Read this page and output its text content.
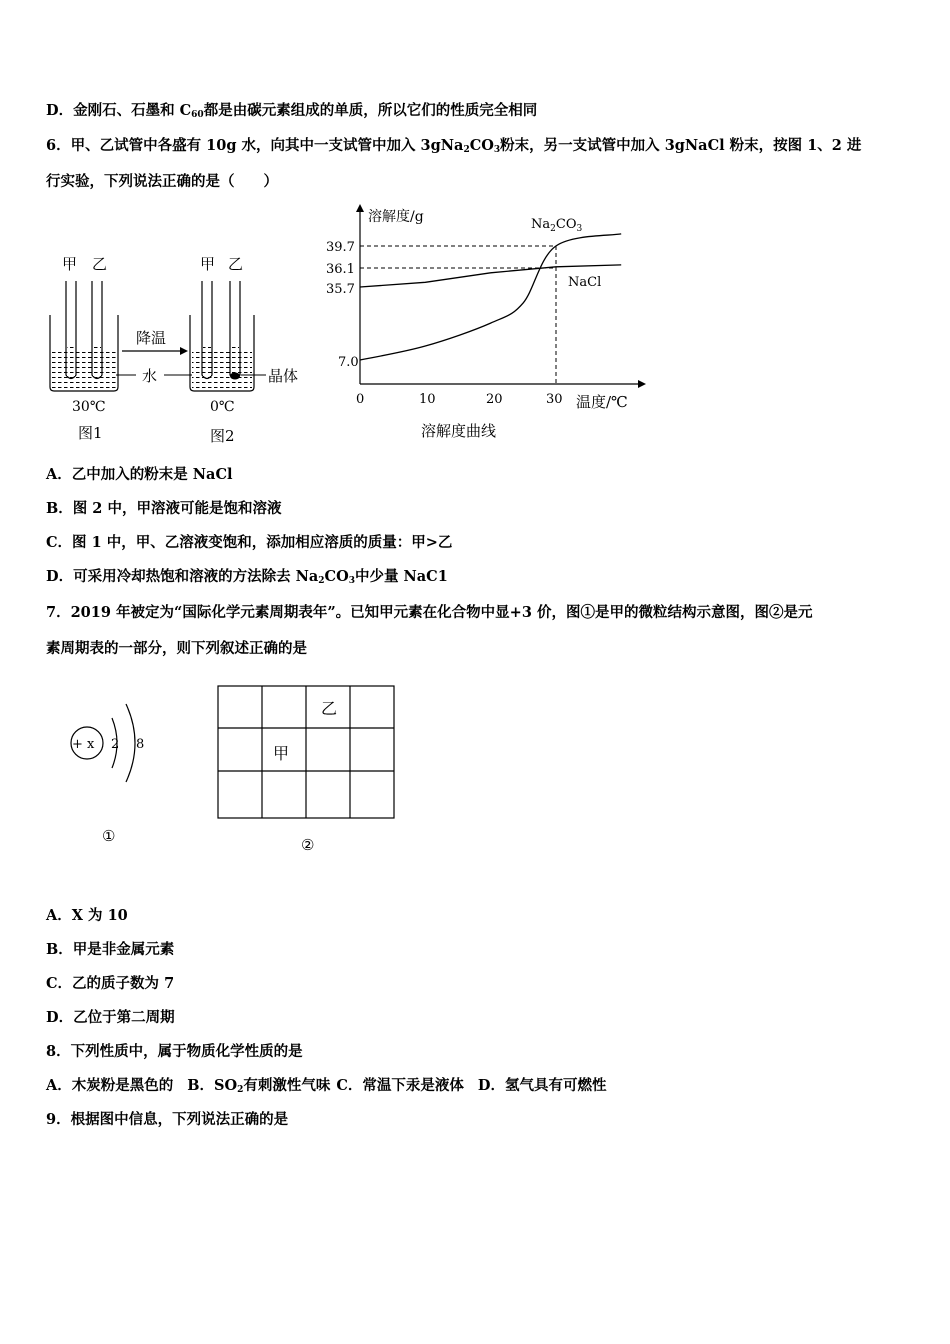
D．金刚石、石墨和 $C_{60}$都是由碳元素组成的单质，所以它们的性质完全相同
6．甲、乙试管中各盛有 10g 水，向其中一支试管中加入 $3gNa_2CO_3$粉末，另一支试管中加入 3gNaCl 粉末，按图 1、2 进
行实验，下列说法正确的是（　　）
甲 乙
30℃
图1
降温
水
甲 乙
晶体
0℃
图2
溶解度/g
温度/℃
溶解度曲线
39.7
36.1
35.7
7.0
0	10	20	30
$Na_2CO_3$
NaCl
A．乙中加入的粉末是 NaCl
B．图 2 中，甲溶液可能是饱和溶液
C．图 1 中，甲、乙溶液变饱和，添加相应溶质的质量：甲>乙
D．可采用冷却热饱和溶液的方法除去 $Na_2CO_3$中少量 NaC1
7．2019 年被定为“国际化学元素周期表年”。已知甲元素在化合物中显+3 价，图①是甲的微粒结构示意图，图②是元
素周期表的一部分，则下列叙述正确的是
+ x 2 8
①
乙
甲
②
A．X 为 10
B．甲是非金属元素
C．乙的质子数为 7
D．乙位于第二周期
8．下列性质中，属于物质化学性质的是
A．木炭粉是黑色的 B．$SO_2$有刺激性气味 C．常温下汞是液体 D．氢气具有可燃性
9．根据图中信息，下列说法正确的是
